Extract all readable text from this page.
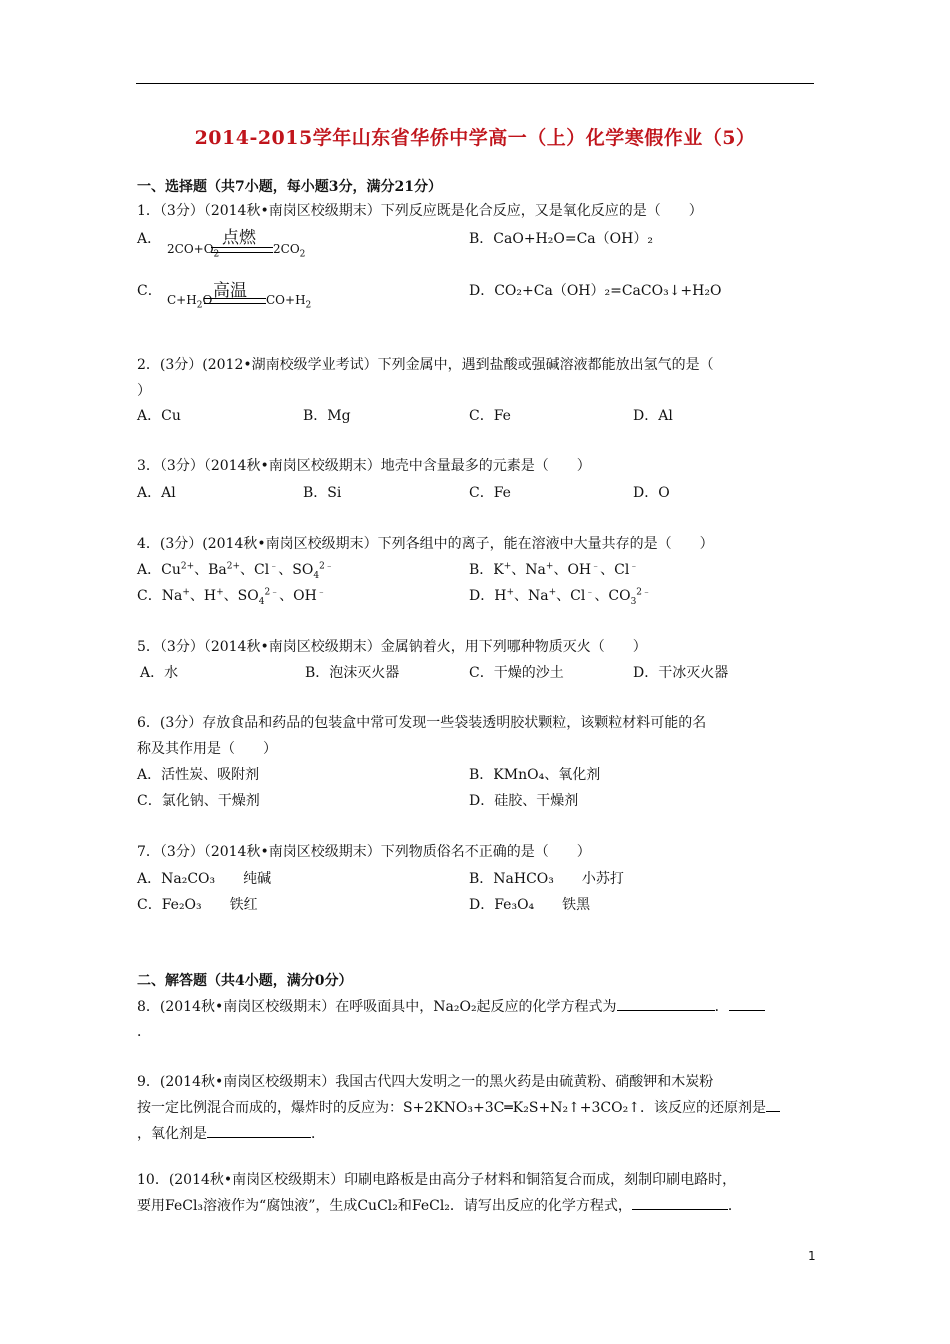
2014-2015学年山东省华侨中学高一（上）化学寒假作业（5）
一、选择题（共7小题，每小题3分，满分21分）
1．（3分）（2014秋•南岗区校级期末）下列反应既是化合反应，又是氧化反应的是（　　）
A．	点燃
$2CO+O_2$	$2CO_2$
B．CaO+H₂O=Ca（OH）₂
C．	高温
$C+H_2O$	$CO+H_2$
D．CO₂+Ca（OH）₂=CaCO₃↓+H₂O
2．(3分）(2012•湖南校级学业考试）下列金属中，遇到盐酸或强碱溶液都能放出氢气的是（
）
A．Cu	B．Mg	C．Fe	D．Al
3．（3分）（2014秋•南岗区校级期末）地壳中含量最多的元素是（　　）
A．Al	B．Si	C．Fe	D．O
4．(3分）(2014秋•南岗区校级期末）下列各组中的离子，能在溶液中大量共存的是（　　）
A．$Cu^{2+}$、$Ba^{2+}$、Cl﹣、$SO_4^{2﹣}$	B．K+、Na+、OH﹣、Cl﹣
C．Na+、H+、$SO_4^{2﹣}$、OH﹣	D．H+、Na+、Cl﹣、$CO_3^{2﹣}$
5．（3分）（2014秋•南岗区校级期末）金属钠着火，用下列哪种物质灭火（　　）
A．水	B．泡沫灭火器	C．干燥的沙土	D．干冰灭火器
6．(3分）存放食品和药品的包装盒中常可发现一些袋装透明胶状颗粒，该颗粒材料可能的名
称及其作用是（　　）
A．活性炭、吸附剂	B．KMnO₄、氧化剂
C．氯化钠、干燥剂	D．硅胶、干燥剂
7．（3分）（2014秋•南岗区校级期末）下列物质俗名不正确的是（　　）
A．Na₂CO₃　　纯碱	B．NaHCO₃　　小苏打
C．Fe₂O₃　　铁红	D．Fe₃O₄　　铁黑
二、解答题（共4小题，满分0分）
8．(2014秋•南岗区校级期末）在呼吸面具中，Na₂O₂起反应的化学方程式为	．
．
9．(2014秋•南岗区校级期末）我国古代四大发明之一的黑火药是由硫黄粉、硝酸钾和木炭粉
按一定比例混合而成的，爆炸时的反应为：S+2KNO₃+3C═K₂S+N₂↑+3CO₂↑．该反应的还原剂是
，氧化剂是	．
10．(2014秋•南岗区校级期末）印刷电路板是由高分子材料和铜箔复合而成，刻制印刷电路时，
要用FeCl₃溶液作为“腐蚀液”，生成CuCl₂和FeCl₂．请写出反应的化学方程式，	．
1
